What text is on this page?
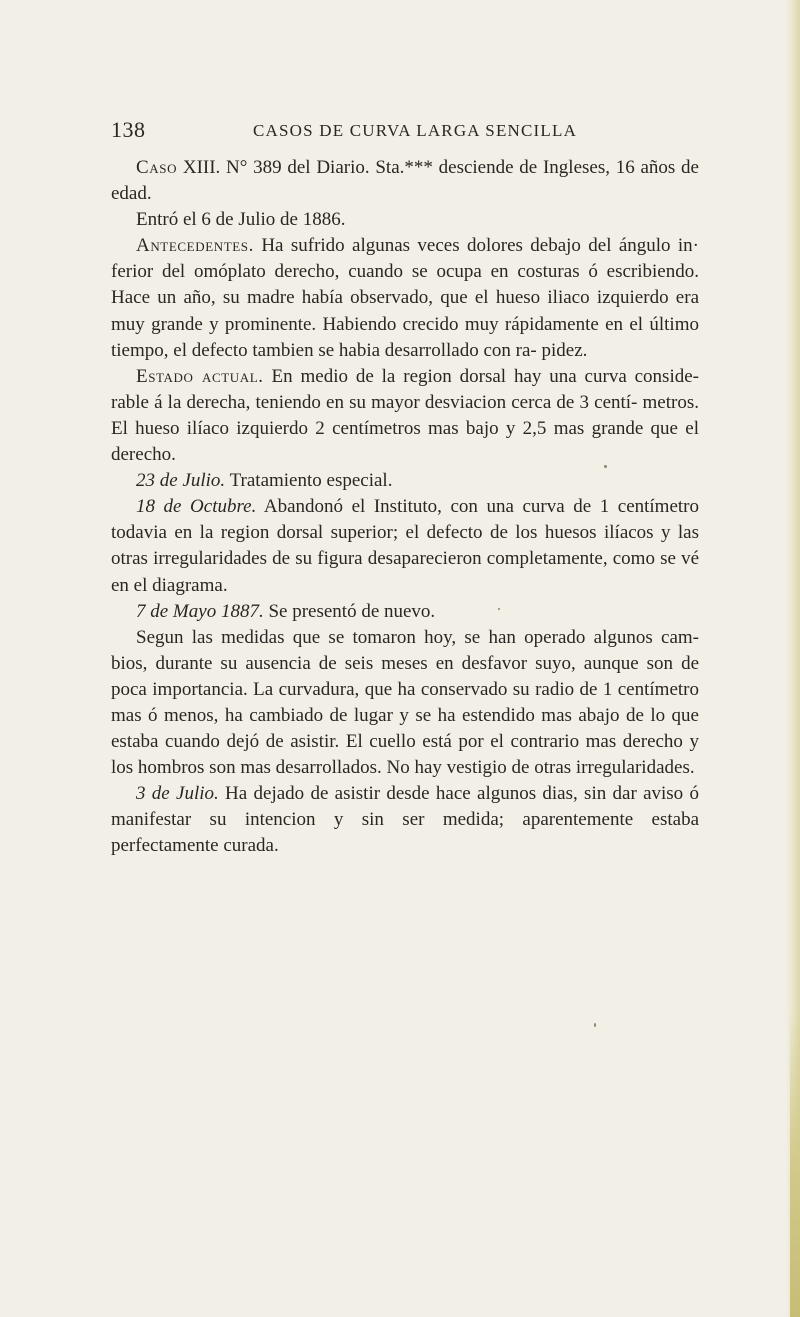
138	CASOS DE CURVA LARGA SENCILLA

Caso XIII. N° 389 del Diario. Sta.*** desciende de Ingleses, 16 años de edad.

Entró el 6 de Julio de 1886.

Antecedentes. Ha sufrido algunas veces dolores debajo del ángulo in· ferior del omóplato derecho, cuando se ocupa en costuras ó escribiendo. Hace un año, su madre había observado, que el hueso iliaco izquierdo era muy grande y prominente. Habiendo crecido muy rápidamente en el último tiempo, el defecto tambien se habia desarrollado con ra- pidez.

Estado actual. En medio de la region dorsal hay una curva conside- rable á la derecha, teniendo en su mayor desviacion cerca de 3 centí- metros. El hueso ilíaco izquierdo 2 centímetros mas bajo y 2,5 mas grande que el derecho.

23 de Julio. Tratamiento especial.

18 de Octubre. Abandonó el Instituto, con una curva de 1 centímetro todavia en la region dorsal superior; el defecto de los huesos ilíacos y las otras irregularidades de su figura desaparecieron completamente, como se vé en el diagrama.

7 de Mayo 1887. Se presentó de nuevo.

Segun las medidas que se tomaron hoy, se han operado algunos cam- bios, durante su ausencia de seis meses en desfavor suyo, aunque son de poca importancia. La curvadura, que ha conservado su radio de 1 centímetro mas ó menos, ha cambiado de lugar y se ha estendido mas abajo de lo que estaba cuando dejó de asistir. El cuello está por el contrario mas derecho y los hombros son mas desarrollados. No hay vestigio de otras irregularidades.

3 de Julio. Ha dejado de asistir desde hace algunos dias, sin dar aviso ó manifestar su intencion y sin ser medida; aparentemente estaba perfectamente curada.
